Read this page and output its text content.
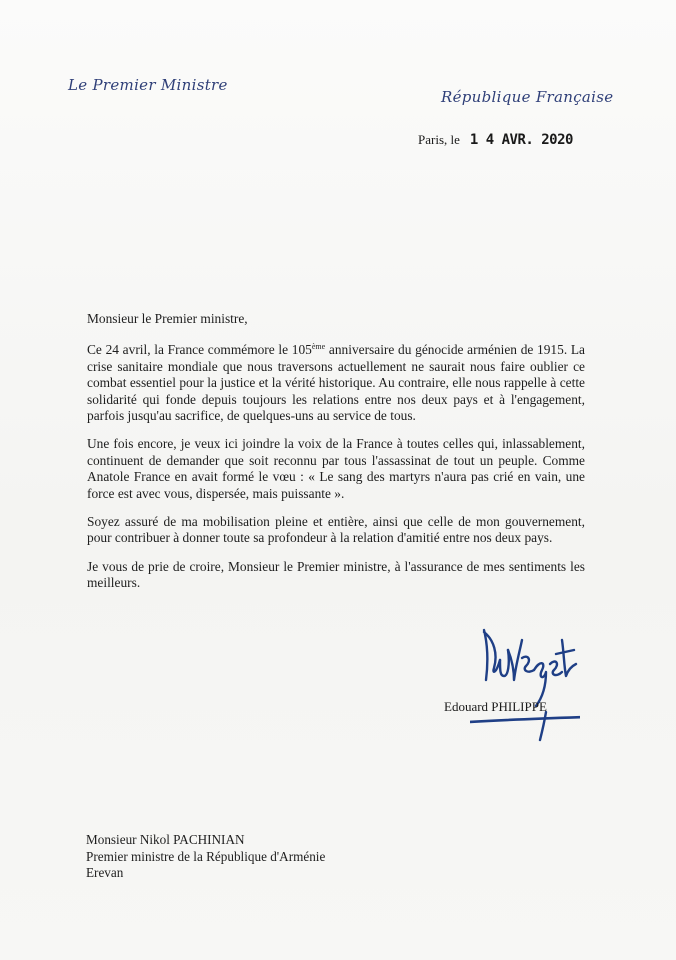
Le Premier Ministre
République Française
Paris, le 1 4 AVR. 2020

Monsieur le Premier ministre,

Ce 24 avril, la France commémore le 105ème anniversaire du génocide arménien de 1915. La crise sanitaire mondiale que nous traversons actuellement ne saurait nous faire oublier ce combat essentiel pour la justice et la vérité historique. Au contraire, elle nous rappelle à cette solidarité qui fonde depuis toujours les relations entre nos deux pays et à l'engagement, parfois jusqu'au sacrifice, de quelques-uns au service de tous.

Une fois encore, je veux ici joindre la voix de la France à toutes celles qui, inlassablement, continuent de demander que soit reconnu par tous l'assassinat de tout un peuple. Comme Anatole France en avait formé le vœu : « Le sang des martyrs n'aura pas crié en vain, une force est avec vous, dispersée, mais puissante ».

Soyez assuré de ma mobilisation pleine et entière, ainsi que celle de mon gouvernement, pour contribuer à donner toute sa profondeur à la relation d'amitié entre nos deux pays.

Je vous de prie de croire, Monsieur le Premier ministre, à l'assurance de mes sentiments les meilleurs.

Edouard PHILIPPE
Monsieur Nikol PACHINIAN
Premier ministre de la République d'Arménie
Erevan
